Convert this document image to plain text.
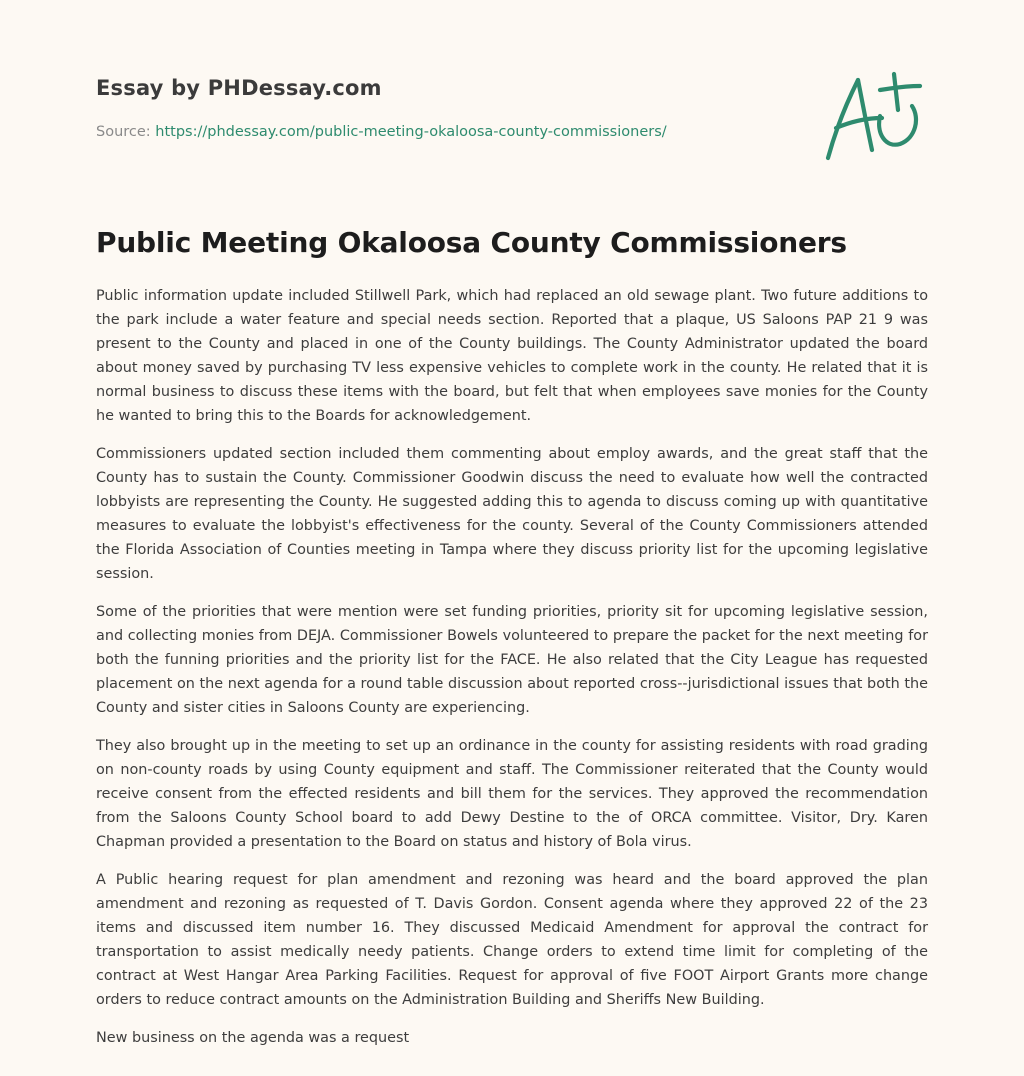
Essay by PHDessay.com
Source: https://phdessay.com/public-meeting-okaloosa-county-commissioners/
Public Meeting Okaloosa County Commissioners

Public information update included Stillwell Park, which had replaced an old sewage plant. Two future additions to the park include a water feature and special needs section. Reported that a plaque, US Saloons PAP 21 9 was present to the County and placed in one of the County buildings. The County Administrator updated the board about money saved by purchasing TV less expensive vehicles to complete work in the county. He related that it is normal business to discuss these items with the board, but felt that when employees save monies for the County he wanted to bring this to the Boards for acknowledgement.

Commissioners updated section included them commenting about employ awards, and the great staff that the County has to sustain the County. Commissioner Goodwin discuss the need to evaluate how well the contracted lobbyists are representing the County. He suggested adding this to agenda to discuss coming up with quantitative measures to evaluate the lobbyist's effectiveness for the county. Several of the County Commissioners attended the Florida Association of Counties meeting in Tampa where they discuss priority list for the upcoming legislative session.

Some of the priorities that were mention were set funding priorities, priority sit for upcoming legislative session, and collecting monies from DEJA. Commissioner Bowels volunteered to prepare the packet for the next meeting for both the funning priorities and the priority list for the FACE. He also related that the City League has requested placement on the next agenda for a round table discussion about reported cross--jurisdictional issues that both the County and sister cities in Saloons County are experiencing.

They also brought up in the meeting to set up an ordinance in the county for assisting residents with road grading on non-county roads by using County equipment and staff. The Commissioner reiterated that the County would receive consent from the effected residents and bill them for the services. They approved the recommendation from the Saloons County School board to add Dewy Destine to the of ORCA committee. Visitor, Dry. Karen Chapman provided a presentation to the Board on status and history of Bola virus.

A Public hearing request for plan amendment and rezoning was heard and the board approved the plan amendment and rezoning as requested of T. Davis Gordon. Consent agenda where they approved 22 of the 23 items and discussed item number 16. They discussed Medicaid Amendment for approval the contract for transportation to assist medically needy patients. Change orders to extend time limit for completing of the contract at West Hangar Area Parking Facilities. Request for approval of five FOOT Airport Grants more change orders to reduce contract amounts on the Administration Building and Sheriffs New Building.

New business on the agenda was a request
